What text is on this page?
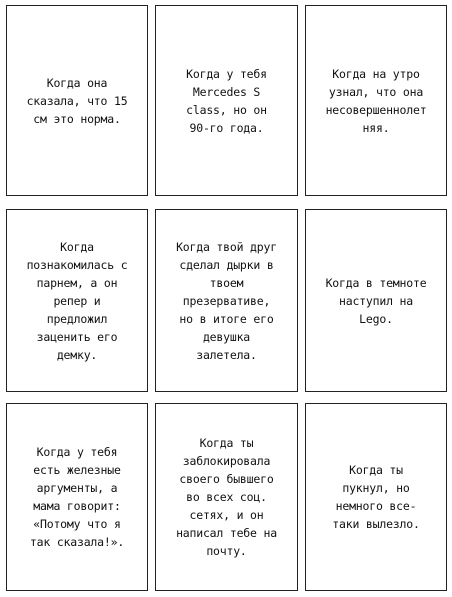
Когда она
сказала, что 15
см это норма.
Когда у тебя
Mercedes S
class, но он
90-го года.
Когда на утро
узнал, что она
несовершеннолет
няя.
Когда
познакомилась с
парнем, а он
репер и
предложил
заценить его
демку.
Когда твой друг
сделал дырки в
твоем
презервативе,
но в итоге его
девушка
залетела.
Когда в темноте
наступил на
Lego.
Когда у тебя
есть железные
аргументы, а
мама говорит:
«Потому что я
так сказала!».
Когда ты
заблокировала
своего бывшего
во всех соц.
сетях, и он
написал тебе на
почту.
Когда ты
пукнул, но
немного все-
таки вылезло.
